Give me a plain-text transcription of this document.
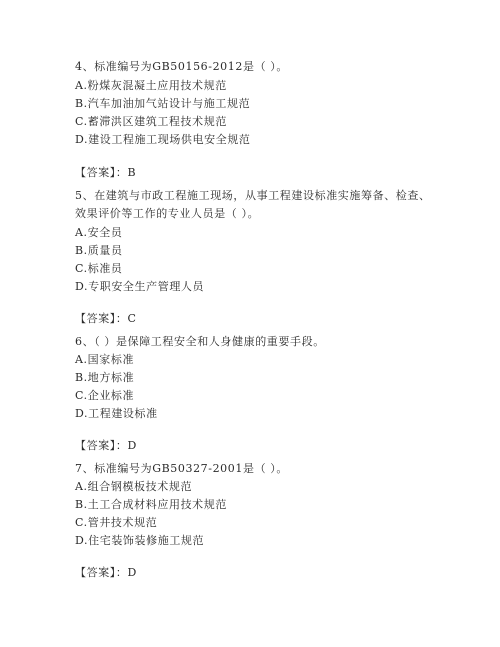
4、标准编号为GB50156-2012是（ ）。
A.粉煤灰混凝土应用技术规范
B.汽车加油加气站设计与施工规范
C.蓄滞洪区建筑工程技术规范
D.建设工程施工现场供电安全规范
【答案】：B
5、在建筑与市政工程施工现场，从事工程建设标准实施筹备、检查、
效果评价等工作的专业人员是（ ）。
A.安全员
B.质量员
C.标准员
D.专职安全生产管理人员
【答案】：C
6、（ ）是保障工程安全和人身健康的重要手段。
A.国家标准
B.地方标准
C.企业标准
D.工程建设标准
【答案】：D
7、标准编号为GB50327-2001是（ ）。
A.组合钢模板技术规范
B.土工合成材料应用技术规范
C.管井技术规范
D.住宅装饰装修施工规范
【答案】：D
